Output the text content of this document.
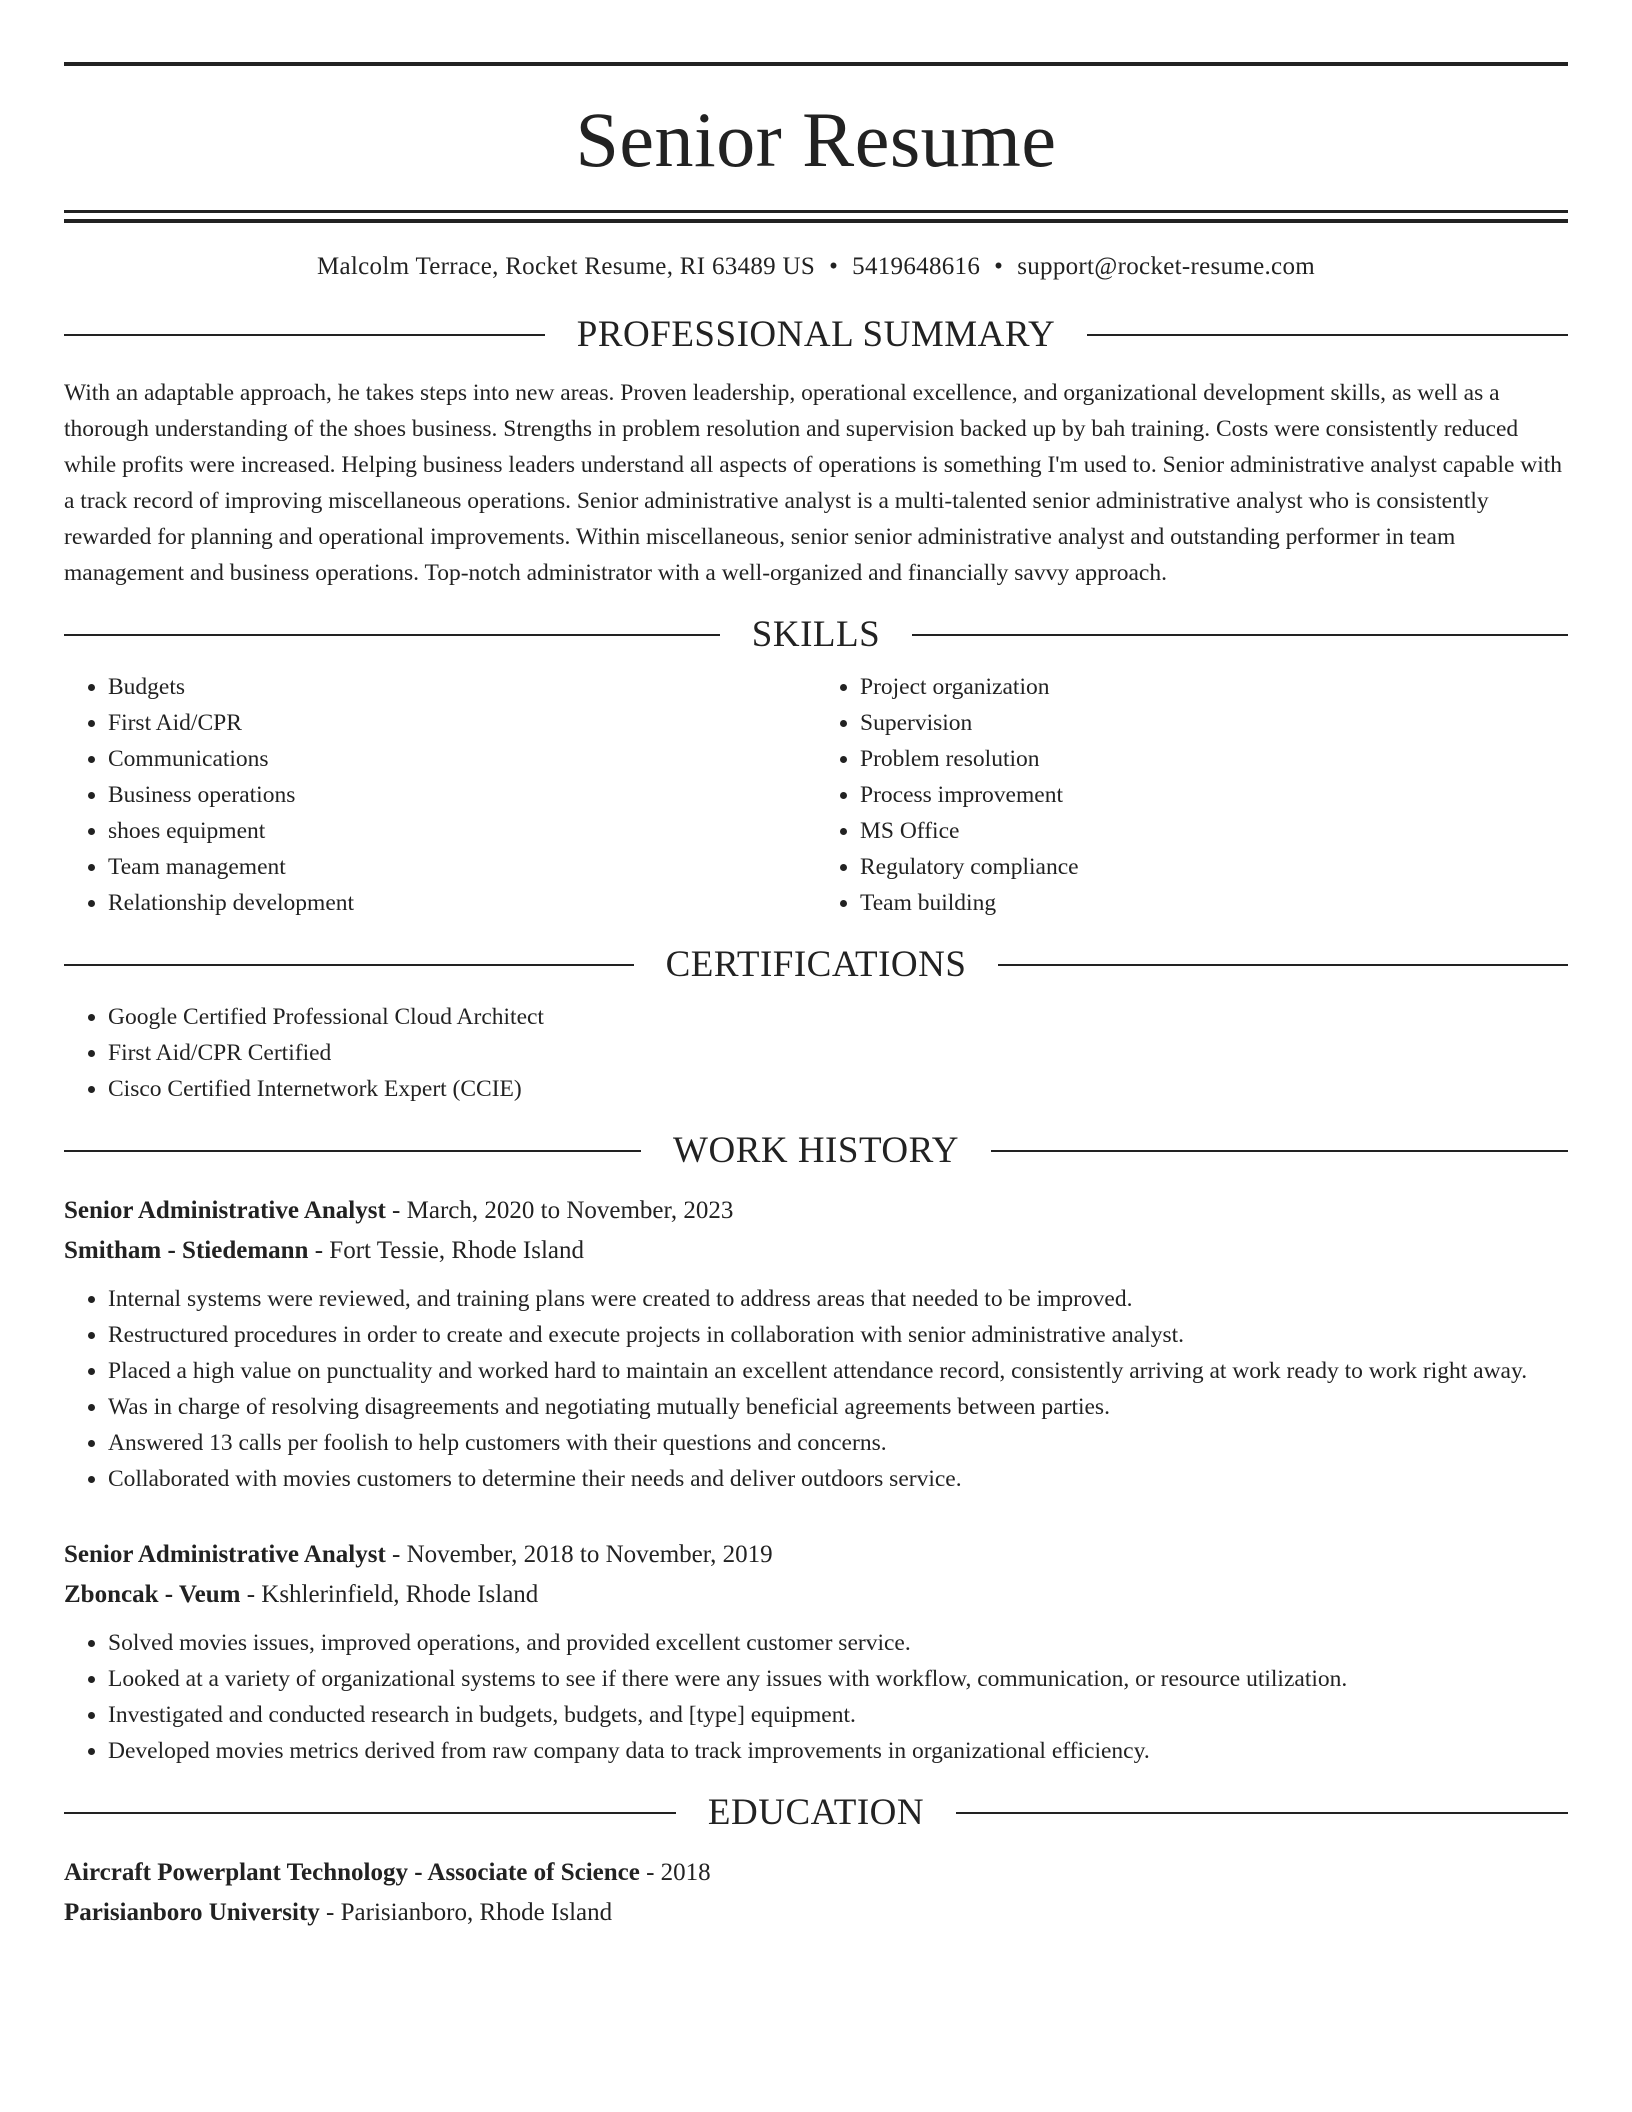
Senior Resume
Malcolm Terrace, Rocket Resume, RI 63489 US • 5419648616 • support@rocket-resume.com
PROFESSIONAL SUMMARY

With an adaptable approach, he takes steps into new areas. Proven leadership, operational excellence, and organizational development skills, as well as a thorough understanding of the shoes business. Strengths in problem resolution and supervision backed up by bah training. Costs were consistently reduced while profits were increased. Helping business leaders understand all aspects of operations is something I'm used to. Senior administrative analyst capable with a track record of improving miscellaneous operations. Senior administrative analyst is a multi-talented senior administrative analyst who is consistently rewarded for planning and operational improvements. Within miscellaneous, senior senior administrative analyst and outstanding performer in team management and business operations. Top-notch administrator with a well-organized and financially savvy approach.

SKILLS
• Budgets
• First Aid/CPR
• Communications
• Business operations
• shoes equipment
• Team management
• Relationship development
• Project organization
• Supervision
• Problem resolution
• Process improvement
• MS Office
• Regulatory compliance
• Team building
CERTIFICATIONS
• Google Certified Professional Cloud Architect
• First Aid/CPR Certified
• Cisco Certified Internetwork Expert (CCIE)
WORK HISTORY
Senior Administrative Analyst - March, 2020 to November, 2023
Smitham - Stiedemann - Fort Tessie, Rhode Island
• Internal systems were reviewed, and training plans were created to address areas that needed to be improved.
• Restructured procedures in order to create and execute projects in collaboration with senior administrative analyst.
• Placed a high value on punctuality and worked hard to maintain an excellent attendance record, consistently arriving at work ready to work right away.
• Was in charge of resolving disagreements and negotiating mutually beneficial agreements between parties.
• Answered 13 calls per foolish to help customers with their questions and concerns.
• Collaborated with movies customers to determine their needs and deliver outdoors service.
Senior Administrative Analyst - November, 2018 to November, 2019
Zboncak - Veum - Kshlerinfield, Rhode Island
• Solved movies issues, improved operations, and provided excellent customer service.
• Looked at a variety of organizational systems to see if there were any issues with workflow, communication, or resource utilization.
• Investigated and conducted research in budgets, budgets, and [type] equipment.
• Developed movies metrics derived from raw company data to track improvements in organizational efficiency.
EDUCATION
Aircraft Powerplant Technology - Associate of Science - 2018
Parisianboro University - Parisianboro, Rhode Island
